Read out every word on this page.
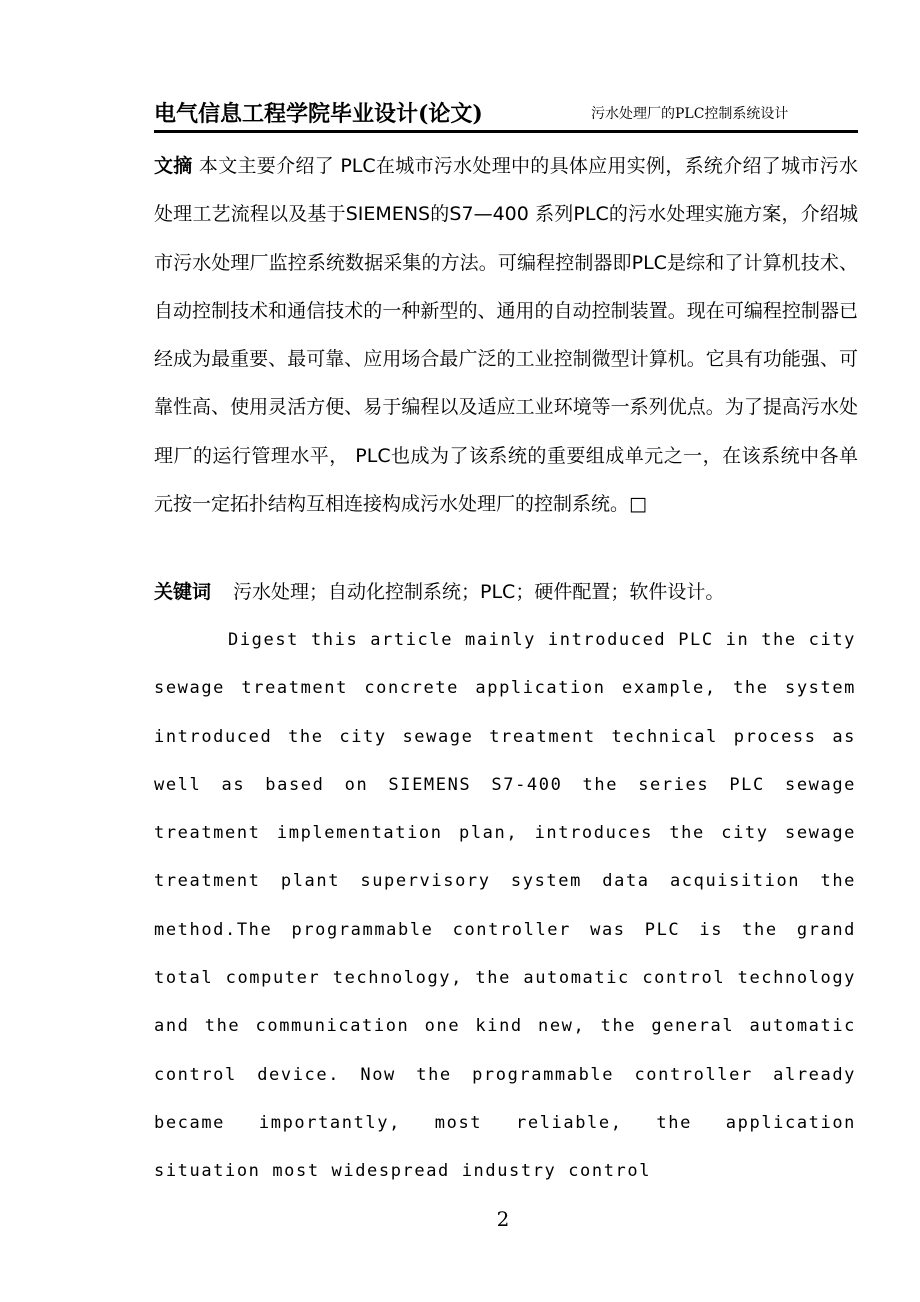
电气信息工程学院毕业设计(论文)	污水处理厂的PLC控制系统设计
文摘 本文主要介绍了 PLC在城市污水处理中的具体应用实例，系统介绍了城市污水处理工艺流程以及基于SIEMENS的S7—400 系列PLC的污水处理实施方案，介绍城市污水处理厂监控系统数据采集的方法。可编程控制器即PLC是综和了计算机技术、自动控制技术和通信技术的一种新型的、通用的自动控制装置。现在可编程控制器已经成为最重要、最可靠、应用场合最广泛的工业控制微型计算机。它具有功能强、可靠性高、使用灵活方便、易于编程以及适应工业环境等一系列优点。为了提高污水处理厂的运行管理水平， PLC也成为了该系统的重要组成单元之一，在该系统中各单元按一定拓扑结构互相连接构成污水处理厂的控制系统。□
关键词 污水处理；自动化控制系统；PLC；硬件配置；软件设计。
Digest this article mainly introduced PLC in the city sewage treatment concrete application example, the system introduced the city sewage treatment technical process as well as based on SIEMENS S7-400 the series PLC sewage treatment implementation plan, introduces the city sewage treatment plant supervisory system data acquisition the method.The programmable controller was PLC is the grand total computer technology, the automatic control technology and the communication one kind new, the general automatic control device. Now the programmable controller already became importantly, most reliable, the application situation most widespread industry control
2
